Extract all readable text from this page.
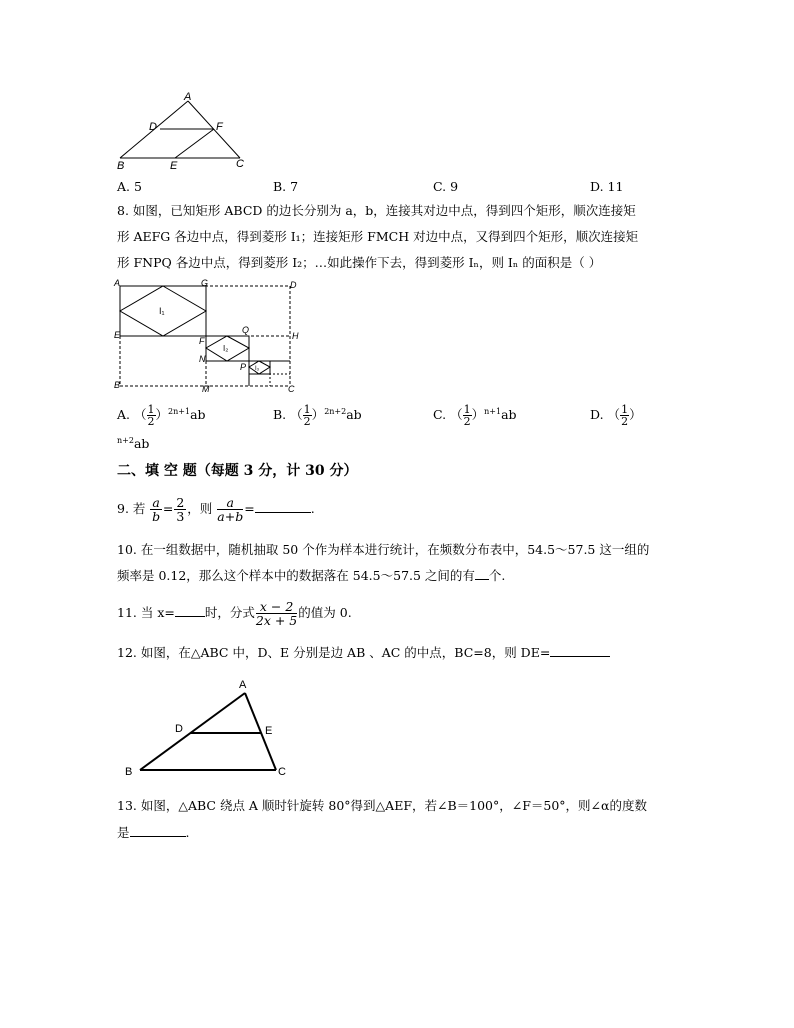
A
D	F
B	E	C
A. 5	B. 7	C. 9	D. 11
8. 如图，已知矩形 ABCD 的边长分别为 a，b，连接其对边中点，得到四个矩形，顺次连接矩
形 AEFG 各边中点，得到菱形 I₁；连接矩形 FMCH 对边中点，又得到四个矩形，顺次连接矩
形 FNPQ 各边中点，得到菱形 I₂；…如此操作下去，得到菱形 Iₙ，则 Iₙ 的面积是（ ）
A	G	D
E	H
B	M	C
F
Q
N
P
I₁
I₂
I₃
A. （ $\frac{1}{2} )^{2n+1}ab$	B. （ $\frac{1}{2} )^{2n+2}ab$	C. （ $\frac{1}{2} )^{n+1}ab$	D. （ $\frac{1}{2}$ ）
$^{n+2}$ab
二、填 空 题（每题 3 分，计 30 分）
9. 若 $\frac{a}{b} = \frac{2}{3}$ ，则 $\frac{a}{a+b}$ =	.
10. 在一组数据中，随机抽取 50 个作为样本进行统计，在频数分布表中，54.5～57.5 这一组的
频率是 0.12，那么这个样本中的数据落在 54.5～57.5 之间的有 个.
11. 当 x= 时，分式 $\frac{x - 2}{2x + 5}$ 的值为 0.
12. 如图，在△ABC 中，D、E 分别是边 AB 、AC 的中点，BC=8，则 DE=
A
D	E
B	C
13. 如图，△ABC 绕点 A 顺时针旋转 80°得到△AEF，若∠B＝100°，∠F＝50°，则∠α的度数
是	.
